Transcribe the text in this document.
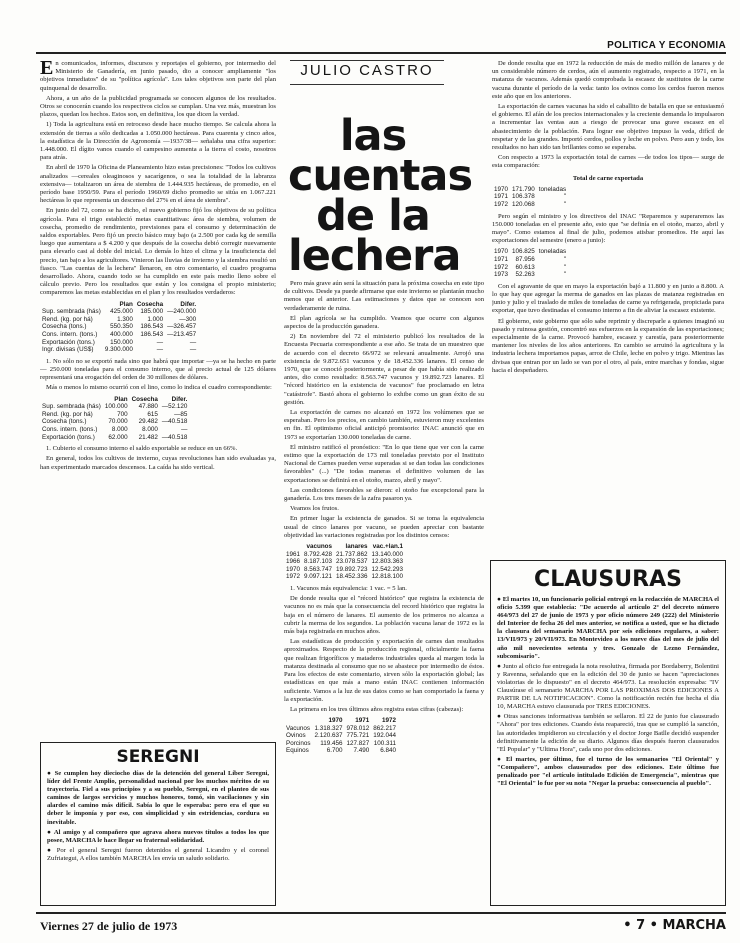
POLITICA Y ECONOMIA

En comunicados, informes, discursos y reportajes el gobierno, por intermedio del Ministerio de Ganadería, en junio pasado, dio a conocer ampliamente "los objetivos inmediatos" de su "política agrícola". Los tales objetivos son parte del plan quinquenal de desarrollo.

Ahora, a un año de la publicidad programada se conocen algunos de los resultados. Otros se conocerán cuando los respectivos ciclos se cumplan. Una vez más, muestran los plazos, quedan los hechos. Estos son, en definitiva, los que dicen la verdad.

1) Toda la agricultura está en retroceso desde hace mucho tiempo. Se calcula ahora la extensión de tierras a sólo dedicadas a 1.050.000 hectáreas. Para cuarenta y cinco años, la estadística de la Dirección de Agronomía —1937/38— señalaba una cifra superior: 1.448.000. El dígito vanos cuando el campesino aumenta a la tierra el costo, nosotros para atrás.

En abril de 1970 la Oficina de Planeamiento hizo estas precisiones: "Todos los cultivos analizados —cereales oleaginosos y sacarígenos, o sea la totalidad de la labranza extensiva— totalizaron un área de siembra de 1.444.935 hectáreas, de promedio, en el período base 1950/59. Para el período 1960/69 dicho promedio se sitúa en 1.067.221 hectáreas lo que representa un descenso del 27% en el área de siembra".

En junio del 72, como se ha dicho, el nuevo gobierno fijó los objetivos de su política agrícola. Para el trigo estableció metas cuantitativas: área de siembra, volumen de cosecha, promedio de rendimiento, previsiones para el consumo y determinación de saldos exportables. Pero fijó un precio básico muy bajo (a 2.500 por cada kg de semilla luego que aumentara a $ 4.200 y que después de la cosecha debió corregir nuevamente para elevarlo casi al doble del inicial. Lo demás lo hizo el clima y la insuficiencia del precio, tan bajo a los agricultores. Vinieron las lluvias de invierno y la siembra resultó un fiasco. "Las cuentas de la lechera" llenaron, en otro comentario, el cuadro programa desarrollado. Ahora, cuando todo se ha cumplido en este país medio lleno sobre el cálculo previo. Pero los resultados que están y los consigna el propio ministerio; comparemos las metas establecidas en el plan y los resultados verdaderos:

	Plan	Cosecha	Difer.
Sup. sembrada (hás)	425.000	185.000	—240.000
Rend. (kg. por há)	1.300	1.000	—300
Cosecha (tons.)	550.350	186.543	—326.457
Cons. intern. (tons.)	400.000	186.543	—213.457
Exportación (tons.)	150.000	—	—
Ingr. divisas (US$)	9.300.000	—	—

1. No sólo no se exportó nada sino que habrá que importar —ya se ha hecho en parte— 250.000 toneladas para el consumo interno, que al precio actual de 125 dólares representará una erogación del orden de 30 millones de dólares.

Más o menos lo mismo ocurrió con el lino, como lo indica el cuadro correspondiente:

	Plan	Cosecha	Difer.
Sup. sembrada (hás)	100.000	47.880	—52.120
Rend. (kg. por há)	700	615	—85
Cosecha (tons.)	70.000	29.482	—40.518
Cons. intern. (tons.)	8.000	8.000	—
Exportación (tons.)	62.000	21.482	—40.518

1. Cubierto el consumo interno el saldo exportable se reduce en un 66%.

En general, todos los cultivos de invierno, cuyas revoluciones han sido evaluadas ya, han experimentado marcados descensos. La caída ha sido vertical.

JULIO CASTRO
las
cuentas
de la
lechera

Pero más grave aún será la situación para la próxima cosecha en este tipo de cultivos. Desde ya puede afirmarse que este invierno se plantarán mucho menos que el anterior. Las estimaciones y datos que se conocen son verdaderamente de ruina.

El plan agrícola se ha cumplido. Veamos que ocurre con algunos aspectos de la producción ganadera.

2) En noviembre del 72 el ministerio publicó los resultados de la Encuesta Pecuaria correspondiente a ese año. Se trata de un muestreo que de acuerdo con el decreto 66/972 se relevará anualmente. Arrojó una existencia de 9.872.651 vacunos y de 18.452.336 lanares. El censo de 1970, que se conoció posteriormente, a pesar de que había sido realizado antes, dio como resultado: 8.563.747 vacunos y 19.892.723 lanares. El "récord histórico en la existencia de vacunos" fue proclamado en letra "catástrofe". Bastó ahora el gobierno lo exhibe como un gran éxito de su gestión.

La exportación de carnes no alcanzó en 1972 los volúmenes que se esperaban. Pero los precios, en cambio también, estuvieron muy excelentes en fin. El optimismo oficial anticipó promisorio: INAC anunció que en 1973 se exportarían 130.000 toneladas de carne.

El ministro ratificó el pronóstico: "En lo que tiene que ver con la carne estimo que la exportación de 173 mil toneladas previsto por el Instituto Nacional de Carnes pueden verse superadas si se dan todas las condiciones favorables" (...) "De todas maneras el definitivo volumen de las exportaciones se definirá en el otoño, marzo, abril y mayo".

Las condiciones favorables se dieron: el otoño fue excepcional para la ganadería. Los tres meses de la zafra pasaron ya.

Veamos los frutos.

En primer lugar la existencia de ganados. Si se toma la equivalencia usual de cinco lanares por vacuno, se pueden apreciar con bastante objetividad las variaciones registradas por los distintos censos:

	vacunos	lanares	vac.+lan.1
1961	8.792.428	21.737.862	13.140.000
1966	8.187.103	23.078.537	12.803.363
1970	8.563.747	19.892.723	12.542.293
1972	9.097.121	18.452.336	12.818.100

1. Vacunos más equivalencia: 1 vac. = 5 lan.

De donde resulta que el "récord histórico" que registra la existencia de vacunos no es más que la consecuencia del record histórico que registra la baja en el número de lanares. El aumento de los primeros no alcanza a cubrir la merma de los segundos. La población vacuna lanar de 1972 es la más baja registrada en muchos años.

Las estadísticas de producción y exportación de carnes dan resultados aproximados. Respecto de la producción regional, oficialmente la faena que realizan frigoríficos y mataderos industriales queda al margen toda la matanza destinada al consumo que no se abastece por intermedio de éstos. Para los efectos de este comentario, sirven sólo la exportación global; las estadísticas en que más a mano están INAC contienen información suficiente. Vamos a la luz de sus datos como se han comportado la faena y la exportación.

La primera en los tres últimos años registra estas cifras (cabezas):

	1970	1971	1972
Vacunos	1.318.327	978.012	862.217
Ovinos	2.120.637	775.721	192.044
Porcinos	119.456	127.827	100.311
Equinos	6.700	7.490	6.840

De donde resulta que en 1972 la reducción de más de medio millón de lanares y de un considerable número de cerdos, aún el aumento registrado, respecto a 1971, en la matanza de vacunos. Además quedó comprobada la escasez de sustitutos de la carne vacuna durante el período de la veda: tanto los ovinos como los cerdos fueron menos este año que en los anteriores.

La exportación de carnes vacunas ha sido el caballito de batalla en que se entusiasmó el gobierno. El afán de los precios internacionales y la creciente demanda lo impulsaron a incrementar las ventas aun a riesgo de provocar una grave escasez en el abastecimiento de la población. Para lograr ese objetivo impuso la veda, difícil de respetar y de las grandes. Importó cerdos, pollos y leche en polvo. Pero aun y todo, los resultados no han sido tan brillantes como se esperaba.

Con respecto a 1973 la exportación total de carnes —de todos los tipos— surge de esta comparación:

Total de carne exportada
1970	171.790	toneladas
1971	106.378	"
1972	120.068	"

Pero según el ministro y los directivos del INAC "Reparemos y superaremos las 150.000 toneladas en el presente año, esto que "se definía en el otoño, marzo, abril y mayo". Como estamos al final de julio, podemos atisbar promedios. He aquí las exportaciones del semestre (enero a junio):

1970	106.825	toneladas
1971	87.956	"
1972	60.613	"
1973	52.263	"

Con el agravante de que en mayo la exportación bajó a 11.800 y en junio a 8.800. A lo que hay que agregar la merma de ganados en las plazas de matanza registradas en junio y julio y el traslado de miles de toneladas de carne ya refrigerada, propiciada para exportar, que tuvo destinadas el consumo interno a fin de aliviar la escasez existente.

El gobierno, este gobierno que sólo sabe reprimir y discreparle a quienes imaginó su pasado y ruinosa gestión, concentró sus esfuerzos en la expansión de las exportaciones; especialmente de la carne. Provocó hambre, escasez y carestía, para posteriormente mantener los niveles de los años anteriores. En cambio se arruinó la agricultura y la industria lechera importamos papas, arroz de Chile, leche en polvo y trigo. Mientras las divisas que entran por un lado se van por el otro, al país, entre marchas y fondas, sigue hacia el despeñadero.

SEREGNI

● Se cumplen hoy dieciocho días de la detención del general Líber Seregni, líder del Frente Amplio, personalidad nacional por los muchos méritos de su trayectoria. Fiel a sus principios y a su pueblo, Seregni, en el planteo de sus caminos de largos servicios y muchos honores, tomó, sin vacilaciones y sin alardes el camino más difícil. Sabía lo que le esperaba: pero era el que su deber le imponía y por eso, con simplicidad y sin estridencias, cordura su inevitable.

● Al amigo y al compañero que agrava ahora nuevos títulos a todos los que posee, MARCHA le hace llegar su fraternal solidaridad.

● Por el general Seregni fueron detenidos el general Licandro y el coronel Zufriategui, A ellos también MARCHA les envía un saludo solidario.

CLAUSURAS

● El martes 10, un funcionario policial entregó en la redacción de MARCHA el oficio 5.399 que establecía: "De acuerdo al artículo 2º del decreto número 464/973 del 27 de junio de 1973 y por oficio número 249 (222) del Ministerio del Interior de fecha 26 del mes anterior, se notifica a usted, que se ha dictado la clausura del semanario MARCHA por seis ediciones regulares, a saber: 13/VII/973 y 20/VII/973. En Montevideo a los nueve días del mes de julio del año mil novecientos setenta y tres. Gonzalo de Lezno Fernández, subcomisario".

● Junto al oficio fue entregada la nota resolutiva, firmada por Bordaberry, Bolentini y Ravenna, señalando que en la edición del 30 de junio se hacen "apreciaciones violatorias de lo dispuesto" en el decreto 464/973. La resolución expresaba: "IV Clausúrase el semanario MARCHA POR LAS PROXIMAS DOS EDICIONES A PARTIR DE LA NOTIFICACION". Como la notificación recién fue hecha el día 10, MARCHA estuvo clausurada por TRES EDICIONES.

● Otras sanciones informativas también se sellaron. El 22 de junio fue clausurado "Ahora" por tres ediciones. Cuando ésta reapareció, tras que se cumplió la sanción, las autoridades impidieron su circulación y el doctor Jorge Batlle decidió suspender definitivamente la edición de su diario. Algunos días después fueron clausurados "El Popular" y "Ultima Hora", cada uno por dos ediciones.

● El martes, por último, fue el turno de los semanarios "El Oriental" y "Compañero", ambos clausurados por dos ediciones. Este último fue penalizado por "el artículo intitulado Edición de Emergencia", mientras que "El Oriental" lo fue por su nota "Negar la prueba: consecuencia al pueblo".

Viernes 27 de julio de 1973	• 7 • MARCHA
